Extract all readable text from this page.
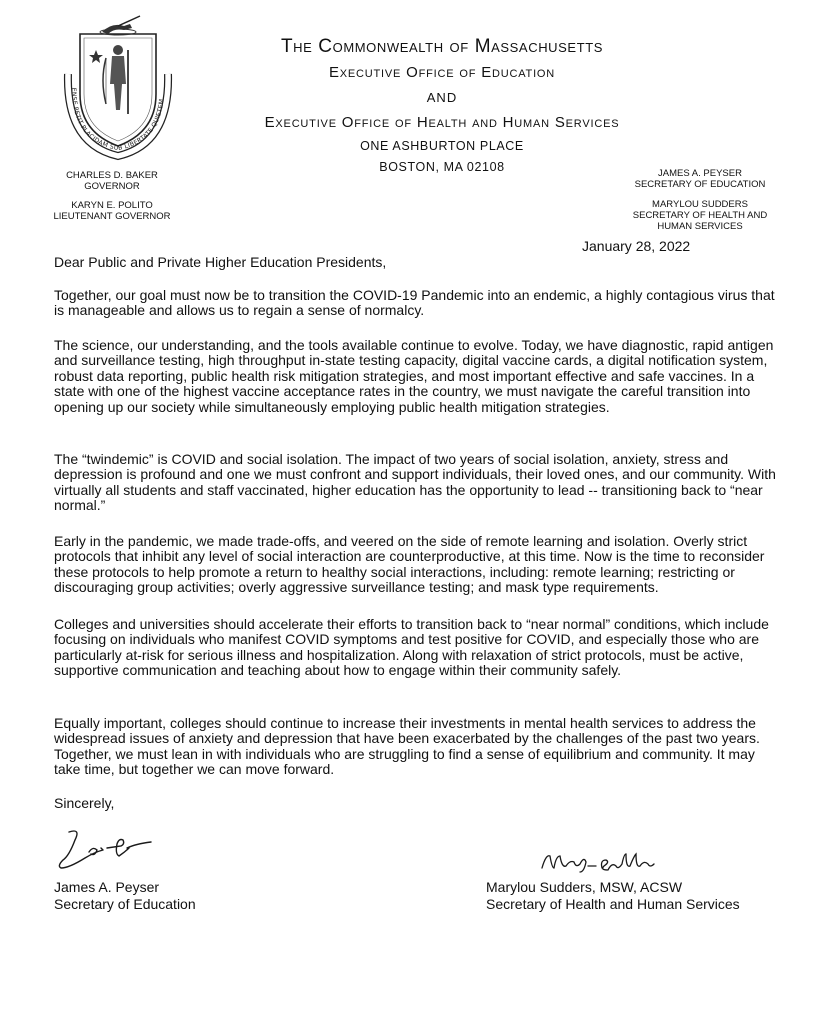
ENSE PETIT PLACIDAM SUB LIBERTATE QUIETEM
The Commonwealth of Massachusetts
Executive Office of Education
AND
Executive Office of Health and Human Services
ONE ASHBURTON PLACE
BOSTON, MA 02108
CHARLES D. BAKER
GOVERNOR
KARYN E. POLITO
LIEUTENANT GOVERNOR
JAMES A. PEYSER
SECRETARY OF EDUCATION
MARYLOU SUDDERS
SECRETARY OF HEALTH AND
HUMAN SERVICES
January 28, 2022
Dear Public and Private Higher Education Presidents,

Together, our goal must now be to transition the COVID-19 Pandemic into an endemic, a highly contagious virus that is manageable and allows us to regain a sense of normalcy.

The science, our understanding, and the tools available continue to evolve. Today, we have diagnostic, rapid antigen and surveillance testing, high throughput in-state testing capacity, digital vaccine cards, a digital notification system, robust data reporting, public health risk mitigation strategies, and most important effective and safe vaccines. In a state with one of the highest vaccine acceptance rates in the country, we must navigate the careful transition into opening up our society while simultaneously employing public health mitigation strategies.

The “twindemic” is COVID and social isolation. The impact of two years of social isolation, anxiety, stress and depression is profound and one we must confront and support individuals, their loved ones, and our community. With virtually all students and staff vaccinated, higher education has the opportunity to lead -- transitioning back to “near normal.”

Early in the pandemic, we made trade-offs, and veered on the side of remote learning and isolation. Overly strict protocols that inhibit any level of social interaction are counterproductive, at this time. Now is the time to reconsider these protocols to help promote a return to healthy social interactions, including: remote learning; restricting or discouraging group activities; overly aggressive surveillance testing; and mask type requirements.

Colleges and universities should accelerate their efforts to transition back to “near normal” conditions, which include focusing on individuals who manifest COVID symptoms and test positive for COVID, and especially those who are particularly at-risk for serious illness and hospitalization. Along with relaxation of strict protocols, must be active, supportive communication and teaching about how to engage within their community safely.

Equally important, colleges should continue to increase their investments in mental health services to address the widespread issues of anxiety and depression that have been exacerbated by the challenges of the past two years. Together, we must lean in with individuals who are struggling to find a sense of equilibrium and community. It may take time, but together we can move forward.

Sincerely,
James A. Peyser
Secretary of Education
Marylou Sudders, MSW, ACSW
Secretary of Health and Human Services
